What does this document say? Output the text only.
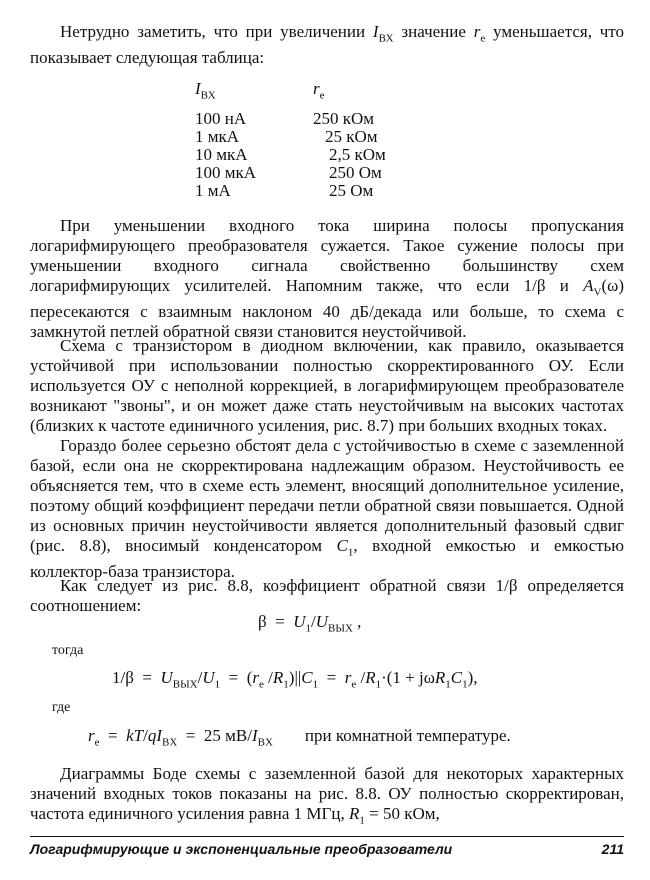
Нетрудно заметить, что при увеличении $I_{ВХ}$ значение $r_e$ уменьшается, что показывает следующая таблица:

$I_{ВХ}$	$r_e$
100 нА	250 кОм
1 мкА	25 кОм
10 мкА	2,5 кОм
100 мкА	250 Ом
1 мА	25 Ом

При уменьшении входного тока ширина полосы пропускания логарифмирующего преобразователя сужается. Такое сужение полосы при уменьшении входного сигнала свойственно большинству схем логарифмирующих усилителей. Напомним также, что если 1/β и $A_V(\omega)$ пересекаются с взаимным наклоном 40 дБ/декада или больше, то схема с замкнутой петлей обратной связи становится неустойчивой.

Схема с транзистором в диодном включении, как правило, оказывается устойчивой при использовании полностью скорректированного ОУ. Если используется ОУ с неполной коррекцией, в логарифмирующем преобразователе возникают "звоны", и он может даже стать неустойчивым на высоких частотах (близких к частоте единичного усиления, рис. 8.7) при больших входных токах.

Гораздо более серьезно обстоят дела с устойчивостью в схеме с заземленной базой, если она не скорректирована надлежащим образом. Неустойчивость ее объясняется тем, что в схеме есть элемент, вносящий дополнительное усиление, поэтому общий коэффициент передачи петли обратной связи повышается. Одной из основных причин неустойчивости является дополнительный фазовый сдвиг (рис. 8.8), вносимый конденсатором $C_1$, входной емкостью и емкостью коллектор-база транзистора.

Как следует из рис. 8.8, коэффициент обратной связи 1/β определяется соотношением:

$\beta = U_1/U_{ВЫХ}$ ,
тогда
$1/\beta = U_{ВЫХ}/U_1 = (r_e$ $/R_1)||C_1 = r_e$ $/R_1\cdot(1 + j\omega R_1C_1)$,
где
$r_e = kT/qI_{BX} = 25$ $мВ/I_{BX}$ при комнатной температуре.

Диаграммы Боде схемы с заземленной базой для некоторых характерных значений входных токов показаны на рис. 8.8. ОУ полностью скорректирован, частота единичного усиления равна 1 МГц, $R_1 = 50$ кОм,

Логарифмирующие и экспоненциальные преобразователи	211
